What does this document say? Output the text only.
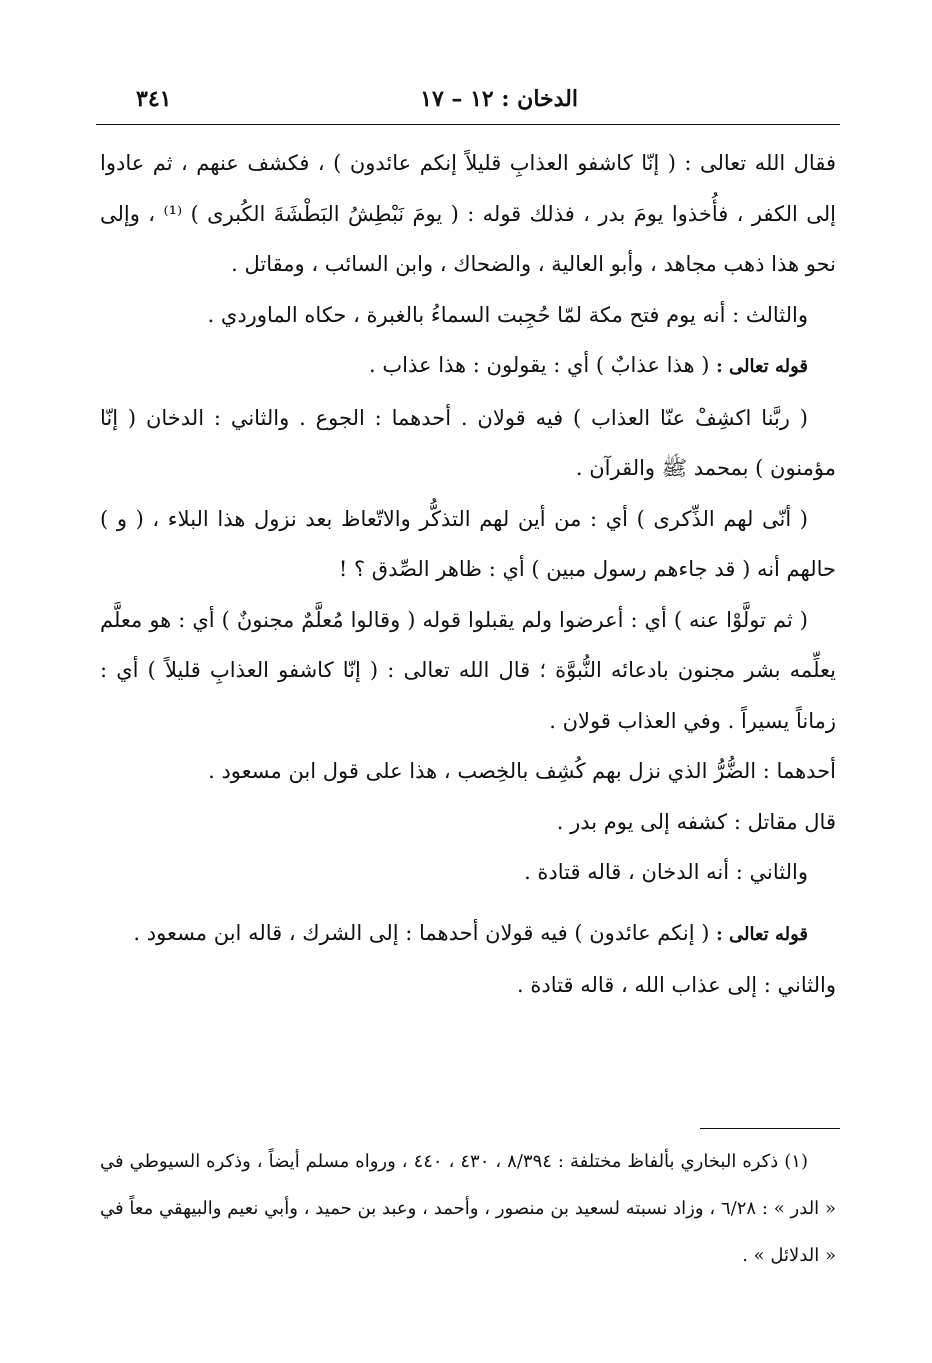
الدخان : ١٢ – ١٧
٣٤١

فقال الله تعالى : ( إنّا كاشفو العذابِ قليلاً إنكم عائدون ) ، فكشف عنهم ، ثم عادوا إلى الكفر ، فأُخذوا يومَ بدر ، فذلك قوله : ( يومَ نَبْطِشُ البَطْشَةَ الكُبرى ) ⁽¹⁾ ، وإلى نحو هذا ذهب مجاهد ، وأبو العالية ، والضحاك ، وابن السائب ، ومقاتل .

والثالث : أنه يوم فتح مكة لمّا حُجِبت السماءُ بالغبرة ، حكاه الماوردي .

قوله تعالى : ( هذا عذابٌ ) أي : يقولون : هذا عذاب .

( ربَّنا اكشِفْ عنّا العذاب ) فيه قولان . أحدهما : الجوع . والثاني : الدخان ( إنّا مؤمنون ) بمحمد ﷺ والقرآن .

( أنّى لهم الذِّكرى ) أي : من أين لهم التذكُّر والاتّعاظ بعد نزول هذا البلاء ، ( و ) حالهم أنه ( قد جاءهم رسول مبين ) أي : ظاهر الصِّدق ؟ !

( ثم تولَّوْا عنه ) أي : أعرضوا ولم يقبلوا قوله ( وقالوا مُعلَّمٌ مجنونٌ ) أي : هو معلَّم يعلِّمه بشر مجنون بادعائه النُّبوَّة ؛ قال الله تعالى : ( إنّا كاشفو العذابِ قليلاً ) أي : زماناً يسيراً . وفي العذاب قولان .

أحدهما : الضُّرُّ الذي نزل بهم كُشِف بالخِصب ، هذا على قول ابن مسعود .

قال مقاتل : كشفه إلى يوم بدر .

والثاني : أنه الدخان ، قاله قتادة .

قوله تعالى : ( إنكم عائدون ) فيه قولان أحدهما : إلى الشرك ، قاله ابن مسعود .

والثاني : إلى عذاب الله ، قاله قتادة .

(١) ذكره البخاري بألفاظ مختلفة : ٨/٣٩٤ ، ٤٣٠ ، ٤٤٠ ، ورواه مسلم أيضاً ، وذكره السيوطي في « الدر » : ٦/٢٨ ، وزاد نسبته لسعيد بن منصور ، وأحمد ، وعبد بن حميد ، وأبي نعيم والبيهقي معاً في « الدلائل » .
